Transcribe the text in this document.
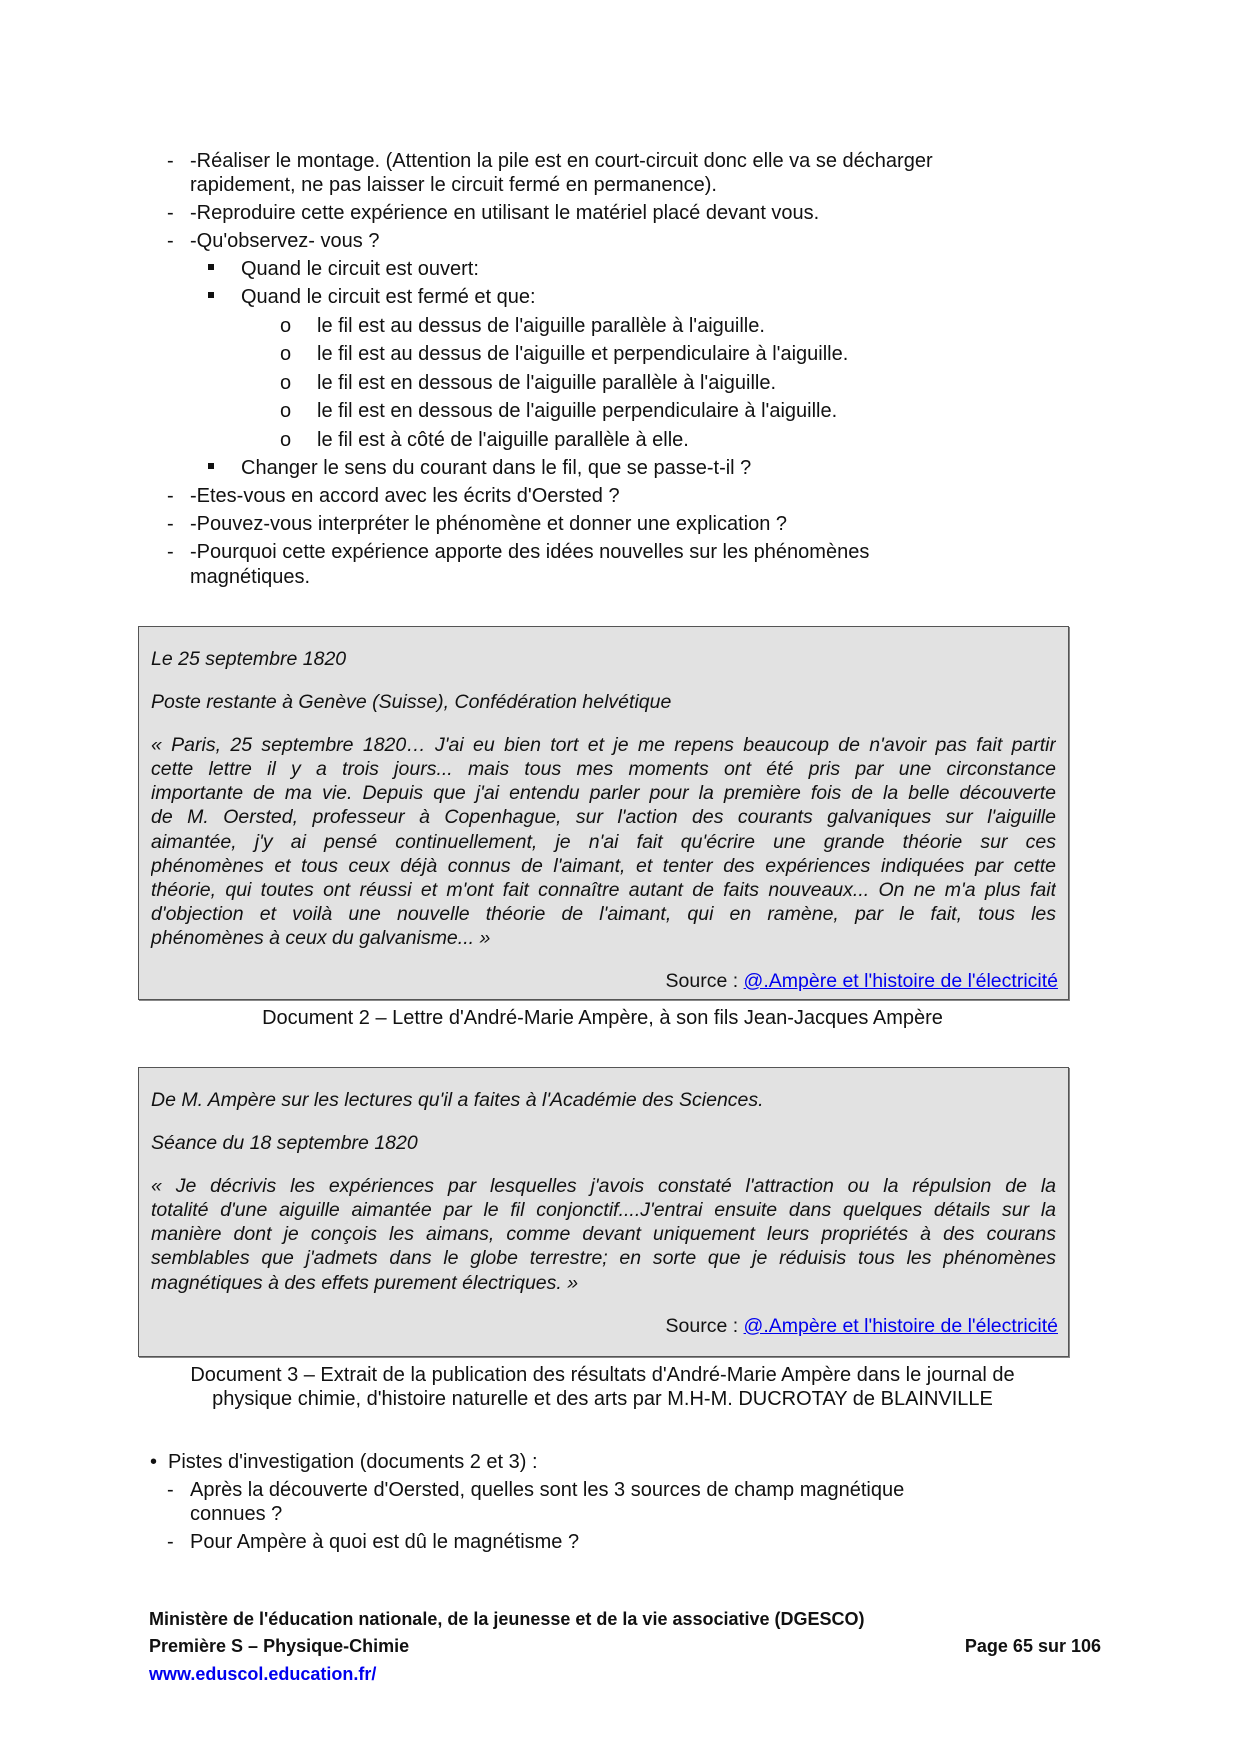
- -Réaliser le montage. (Attention la pile est en court-circuit donc elle va se décharger
rapidement, ne pas laisser le circuit fermé en permanence).
- -Reproduire cette expérience en utilisant le matériel placé devant vous.
- -Qu'observez- vous ?
Quand le circuit est ouvert:
Quand le circuit est fermé et que:
o le fil est au dessus de l'aiguille parallèle à l'aiguille.
o le fil est au dessus de l'aiguille et perpendiculaire à l'aiguille.
o le fil est en dessous de l'aiguille parallèle à l'aiguille.
o le fil est en dessous de l'aiguille perpendiculaire à l'aiguille.
o le fil est à côté de l'aiguille parallèle à elle.
Changer le sens du courant dans le fil, que se passe-t-il ?
- -Etes-vous en accord avec les écrits d'Oersted ?
- -Pouvez-vous interpréter le phénomène et donner une explication ?
- -Pourquoi cette expérience apporte des idées nouvelles sur les phénomènes
magnétiques.
Le 25 septembre 1820
Poste restante à Genève (Suisse), Confédération helvétique
« Paris, 25 septembre 1820… J'ai eu bien tort et je me repens beaucoup de n'avoir pas fait partir
cette lettre il y a trois jours... mais tous mes moments ont été pris par une circonstance
importante de ma vie. Depuis que j'ai entendu parler pour la première fois de la belle découverte
de M. Oersted, professeur à Copenhague, sur l'action des courants galvaniques sur l'aiguille
aimantée, j'y ai pensé continuellement, je n'ai fait qu'écrire une grande théorie sur ces
phénomènes et tous ceux déjà connus de l'aimant, et tenter des expériences indiquées par cette
théorie, qui toutes ont réussi et m'ont fait connaître autant de faits nouveaux... On ne m'a plus fait
d'objection et voilà une nouvelle théorie de l'aimant, qui en ramène, par le fait, tous les
phénomènes à ceux du galvanisme... »
Source : @.Ampère et l'histoire de l'électricité
Document 2 – Lettre d'André-Marie Ampère, à son fils Jean-Jacques Ampère
De M. Ampère sur les lectures qu'il a faites à l'Académie des Sciences.
Séance du 18 septembre 1820
« Je décrivis les expériences par lesquelles j'avois constaté l'attraction ou la répulsion de la
totalité d'une aiguille aimantée par le fil conjonctif....J'entrai ensuite dans quelques détails sur la
manière dont je conçois les aimans, comme devant uniquement leurs propriétés à des courans
semblables que j'admets dans le globe terrestre; en sorte que je réduisis tous les phénomènes
magnétiques à des effets purement électriques. »
Source : @.Ampère et l'histoire de l'électricité
Document 3 – Extrait de la publication des résultats d'André-Marie Ampère dans le journal de
physique chimie, d'histoire naturelle et des arts par M.H-M. DUCROTAY de BLAINVILLE
• Pistes d'investigation (documents 2 et 3) :
- Après la découverte d'Oersted, quelles sont les 3 sources de champ magnétique
connues ?
- Pour Ampère à quoi est dû le magnétisme ?
Ministère de l'éducation nationale, de la jeunesse et de la vie associative (DGESCO)
Première S – Physique-Chimie	Page 65 sur 106
www.eduscol.education.fr/
